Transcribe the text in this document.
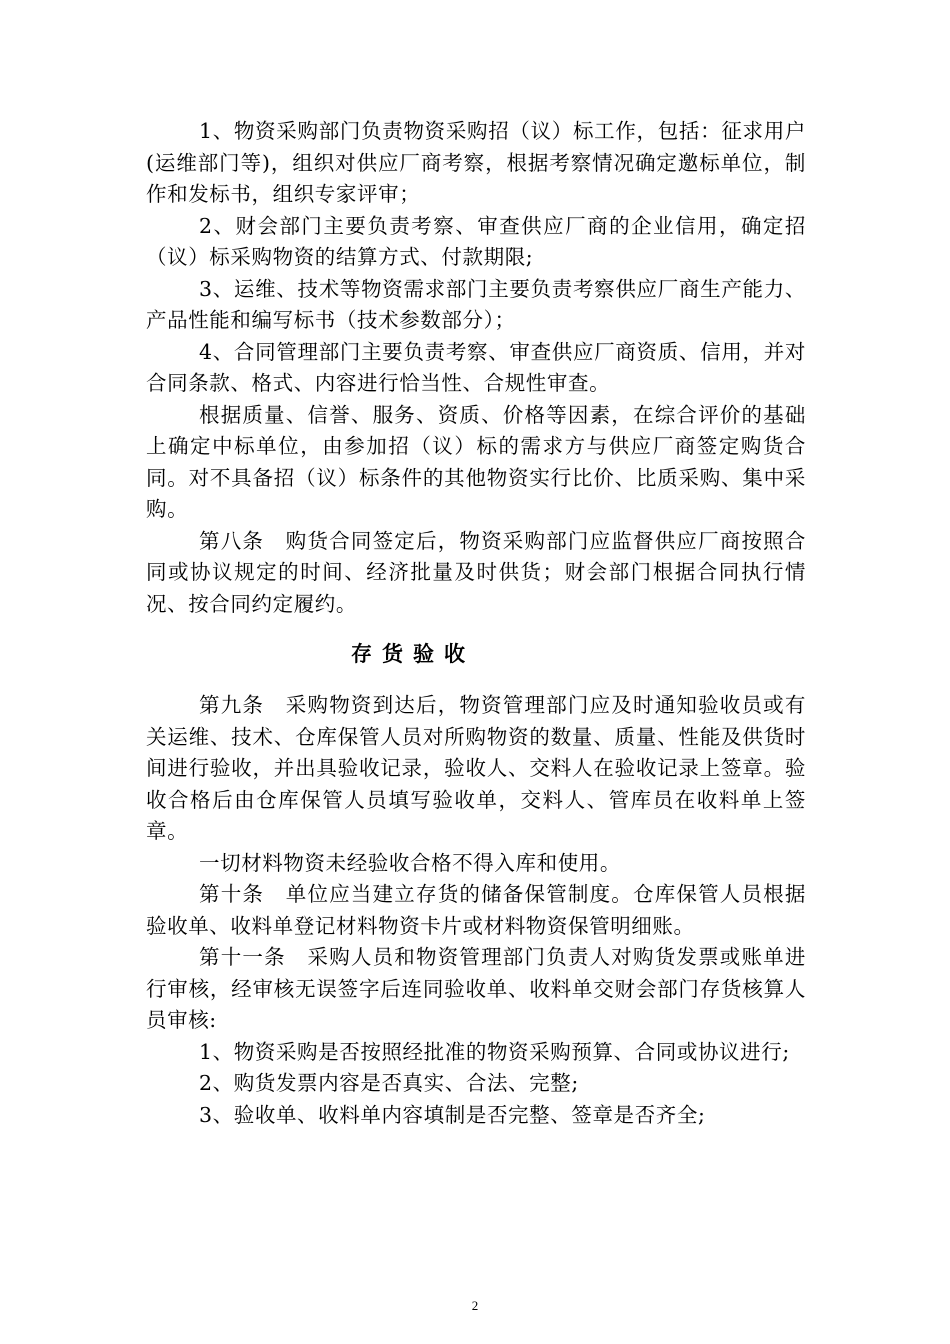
1、物资采购部门负责物资采购招（议）标工作，包括：征求用户(运维部门等)，组织对供应厂商考察，根据考察情况确定邀标单位，制作和发标书，组织专家评审；

2、财会部门主要负责考察、审查供应厂商的企业信用，确定招（议）标采购物资的结算方式、付款期限;

3、运维、技术等物资需求部门主要负责考察供应厂商生产能力、产品性能和编写标书（技术参数部分）；

4、合同管理部门主要负责考察、审查供应厂商资质、信用，并对合同条款、格式、内容进行恰当性、合规性审查。

根据质量、信誉、服务、资质、价格等因素，在综合评价的基础上确定中标单位，由参加招（议）标的需求方与供应厂商签定购货合同。对不具备招（议）标条件的其他物资实行比价、比质采购、集中采购。

第八条　购货合同签定后，物资采购部门应监督供应厂商按照合同或协议规定的时间、经济批量及时供货；财会部门根据合同执行情况、按合同约定履约。

存货验收

第九条　采购物资到达后，物资管理部门应及时通知验收员或有关运维、技术、仓库保管人员对所购物资的数量、质量、性能及供货时间进行验收，并出具验收记录，验收人、交料人在验收记录上签章。验收合格后由仓库保管人员填写验收单，交料人、管库员在收料单上签章。

一切材料物资未经验收合格不得入库和使用。

第十条　单位应当建立存货的储备保管制度。仓库保管人员根据验收单、收料单登记材料物资卡片或材料物资保管明细账。

第十一条　采购人员和物资管理部门负责人对购货发票或账单进行审核，经审核无误签字后连同验收单、收料单交财会部门存货核算人员审核:

1、物资采购是否按照经批准的物资采购预算、合同或协议进行;

2、购货发票内容是否真实、合法、完整;

3、验收单、收料单内容填制是否完整、签章是否齐全;

2
